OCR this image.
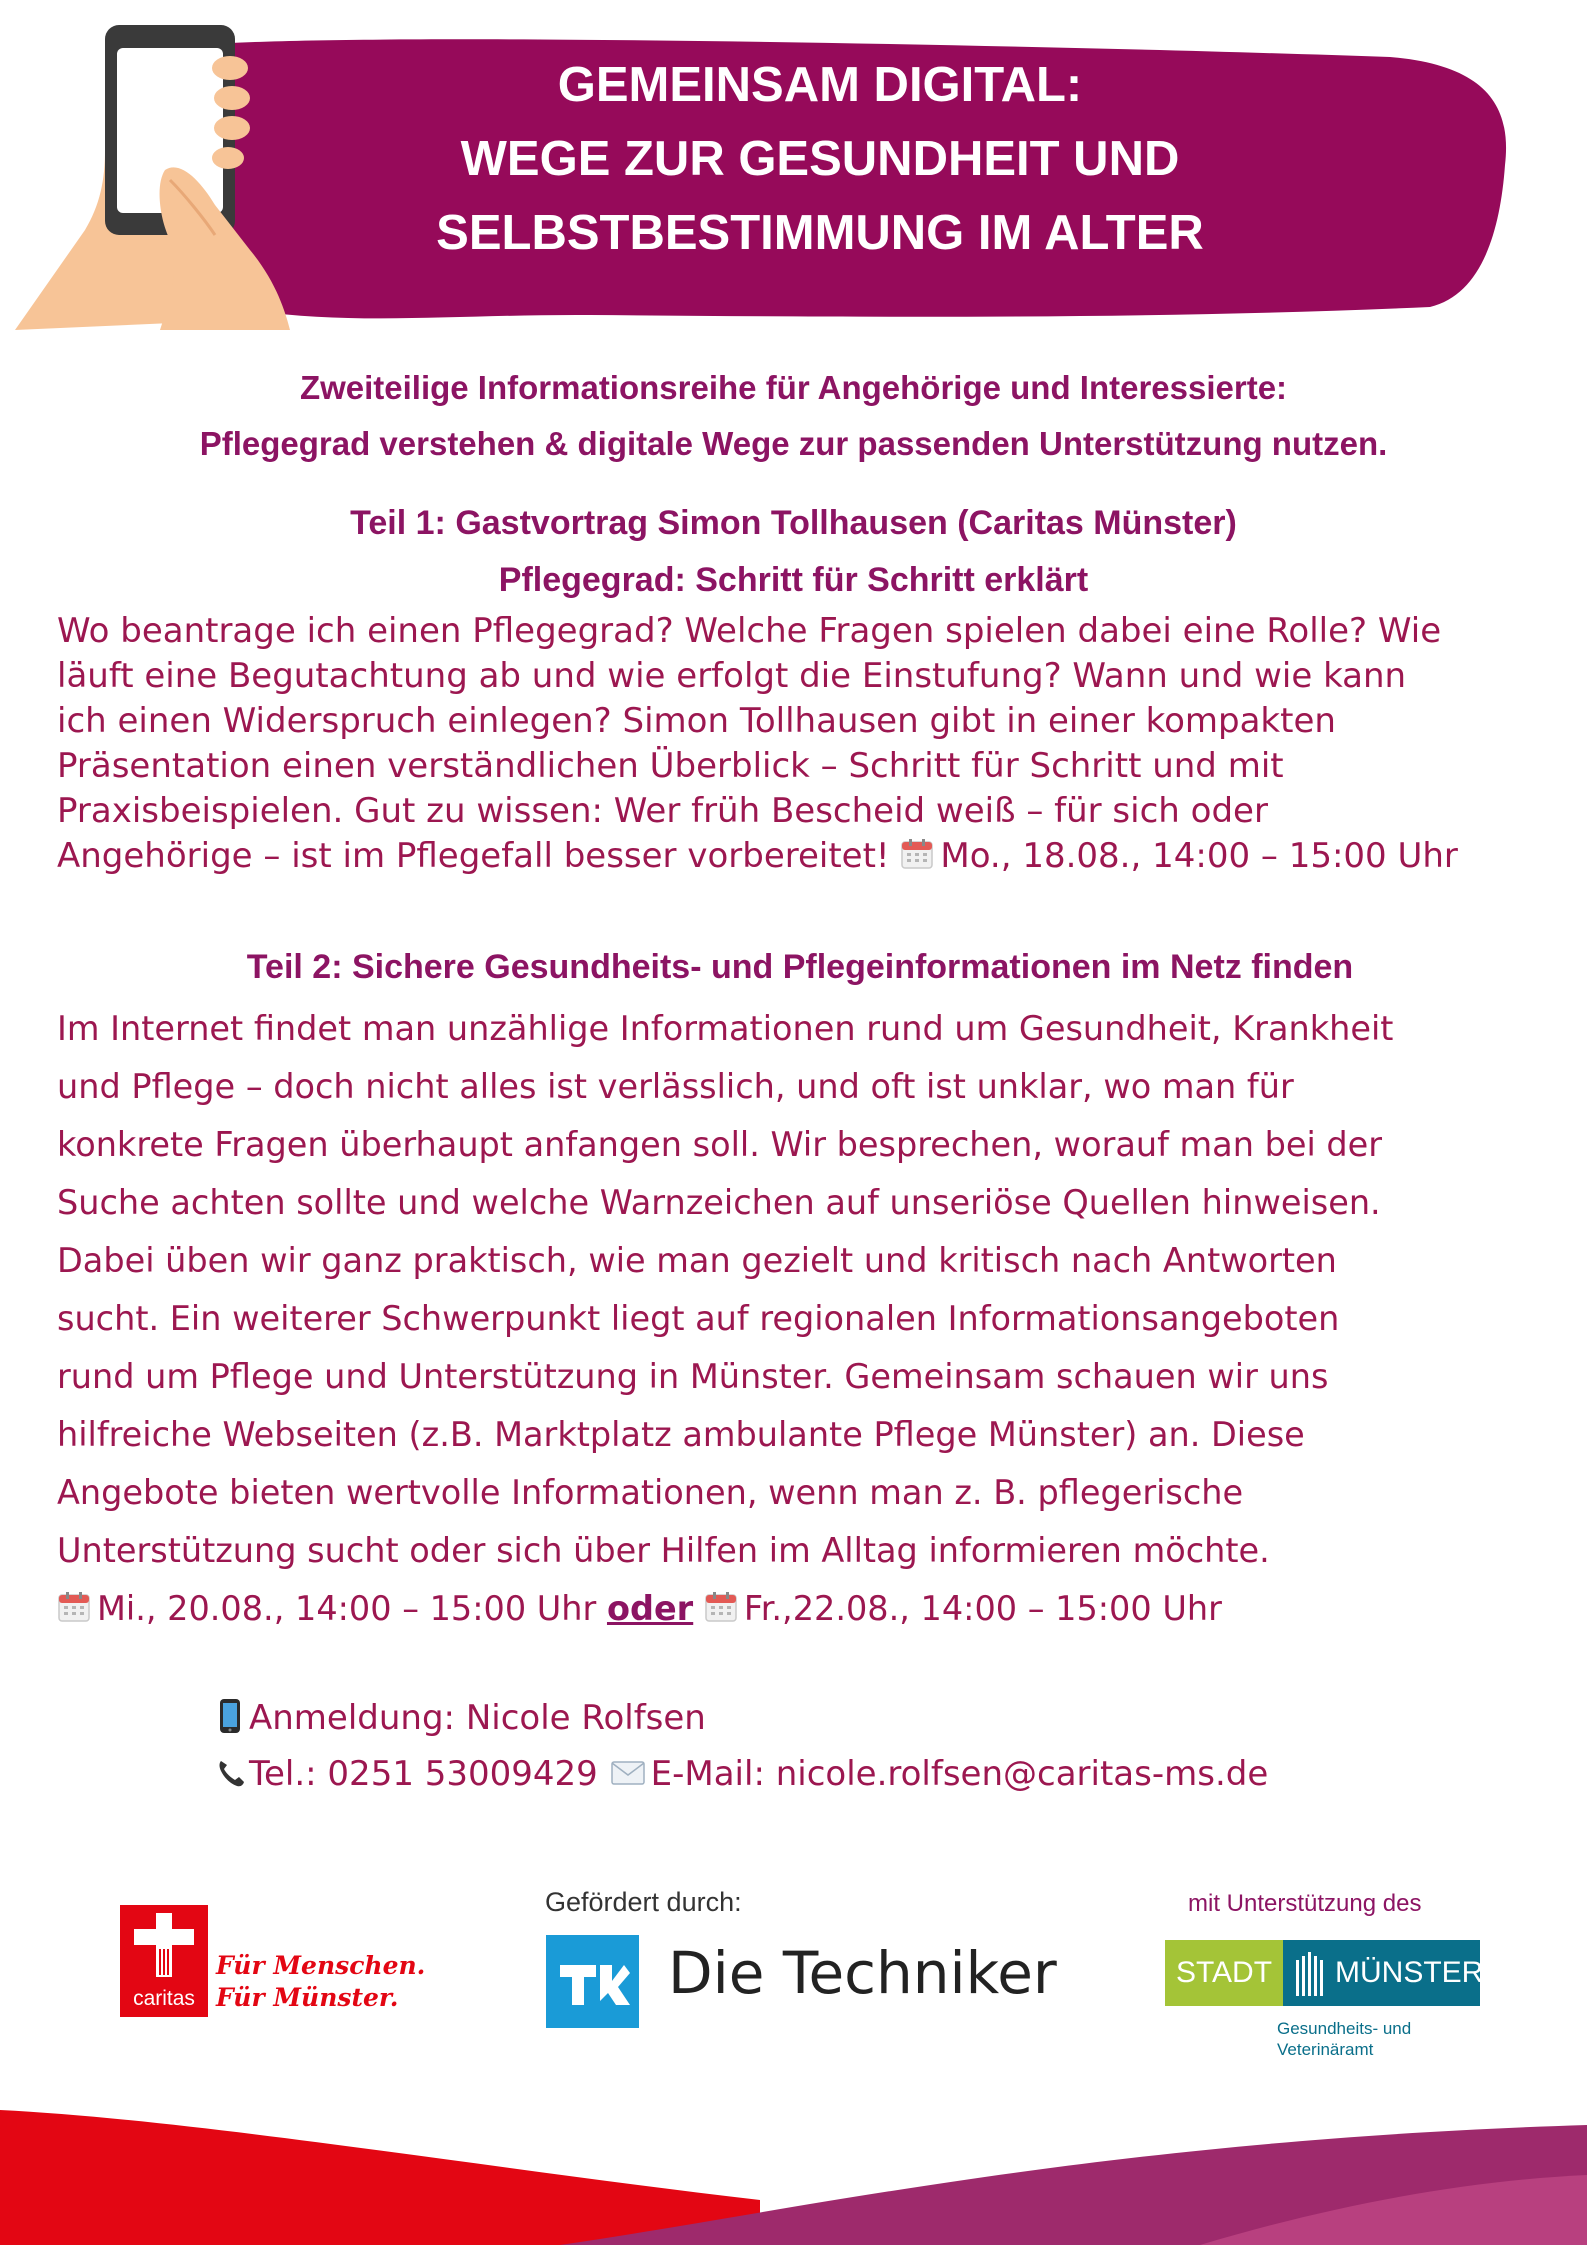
GEMEINSAM DIGITAL:
WEGE ZUR GESUNDHEIT UND
SELBSTBESTIMMUNG IM ALTER
Zweiteilige Informationsreihe für Angehörige und Interessierte:
Pflegegrad verstehen & digitale Wege zur passenden Unterstützung nutzen.
Teil 1: Gastvortrag Simon Tollhausen (Caritas Münster)
Pflegegrad: Schritt für Schritt erklärt
Wo beantrage ich einen Pflegegrad? Welche Fragen spielen dabei eine Rolle? Wie
läuft eine Begutachtung ab und wie erfolgt die Einstufung? Wann und wie kann
ich einen Widerspruch einlegen? Simon Tollhausen gibt in einer kompakten
Präsentation einen verständlichen Überblick – Schritt für Schritt und mit
Praxisbeispielen. Gut zu wissen: Wer früh Bescheid weiß – für sich oder
Angehörige – ist im Pflegefall besser vorbereitet! Mo., 18.08., 14:00 – 15:00 Uhr
Teil 2: Sichere Gesundheits- und Pflegeinformationen im Netz finden
Im Internet findet man unzählige Informationen rund um Gesundheit, Krankheit
und Pflege – doch nicht alles ist verlässlich, und oft ist unklar, wo man für
konkrete Fragen überhaupt anfangen soll. Wir besprechen, worauf man bei der
Suche achten sollte und welche Warnzeichen auf unseriöse Quellen hinweisen.
Dabei üben wir ganz praktisch, wie man gezielt und kritisch nach Antworten
sucht. Ein weiterer Schwerpunkt liegt auf regionalen Informationsangeboten
rund um Pflege und Unterstützung in Münster. Gemeinsam schauen wir uns
hilfreiche Webseiten (z.B. Marktplatz ambulante Pflege Münster) an. Diese
Angebote bieten wertvolle Informationen, wenn man z. B. pflegerische
Unterstützung sucht oder sich über Hilfen im Alltag informieren möchte.
Mi., 20.08., 14:00 – 15:00 Uhr oder Fr.,22.08., 14:00 – 15:00 Uhr
Anmeldung: Nicole Rolfsen
Tel.: 0251 53009429 E-Mail: nicole.rolfsen@caritas-ms.de
Gefördert durch:	mit Unterstützung des
caritas
Für Menschen.
Für Münster.	Die Techniker	STADT	MÜNSTER
Gesundheits- und
Veterinäramt
